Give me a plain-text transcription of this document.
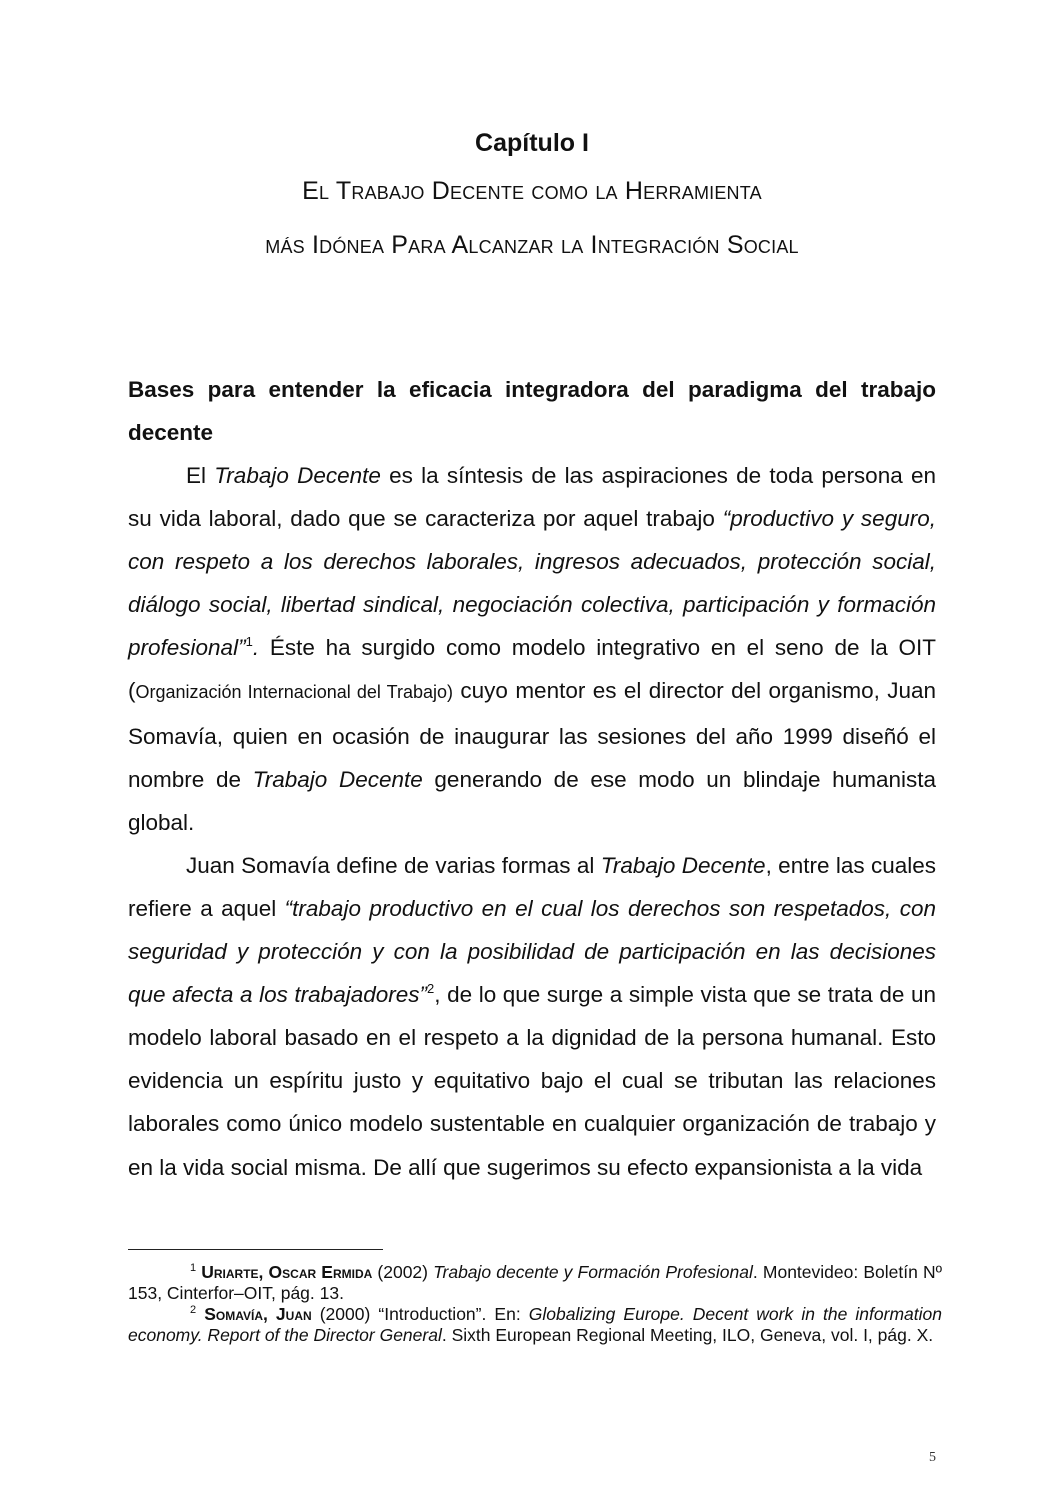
Capítulo I

El Trabajo Decente como la Herramienta
más Idónea Para Alcanzar la Integración Social

Bases para entender la eficacia integradora del paradigma del trabajo decente

El Trabajo Decente es la síntesis de las aspiraciones de toda persona en su vida laboral, dado que se caracteriza por aquel trabajo “productivo y seguro, con respeto a los derechos laborales, ingresos adecuados, protección social, diálogo social, libertad sindical, negociación colectiva, participación y formación profesional”$^1$. Éste ha surgido como modelo integrativo en el seno de la OIT (Organización Internacional del Trabajo) cuyo mentor es el director del organismo, Juan Somavía, quien en ocasión de inaugurar las sesiones del año 1999 diseñó el nombre de Trabajo Decente generando de ese modo un blindaje humanista global.

Juan Somavía define de varias formas al Trabajo Decente, entre las cuales refiere a aquel “trabajo productivo en el cual los derechos son respetados, con seguridad y protección y con la posibilidad de participación en las decisiones que afecta a los trabajadores”$^2$, de lo que surge a simple vista que se trata de un modelo laboral basado en el respeto a la dignidad de la persona humanal. Esto evidencia un espíritu justo y equitativo bajo el cual se tributan las relaciones laborales como único modelo sustentable en cualquier organización de trabajo y en la vida social misma. De allí que sugerimos su efecto expansionista a la vida

$^1$ Uriarte, Oscar Ermida (2002) Trabajo decente y Formación Profesional. Montevideo: Boletín Nº 153, Cinterfor–OIT, pág. 13.

$^2$ Somavía, Juan (2000) “Introduction”. En: Globalizing Europe. Decent work in the information economy. Report of the Director General. Sixth European Regional Meeting, ILO, Geneva, vol. I, pág. X.

5
